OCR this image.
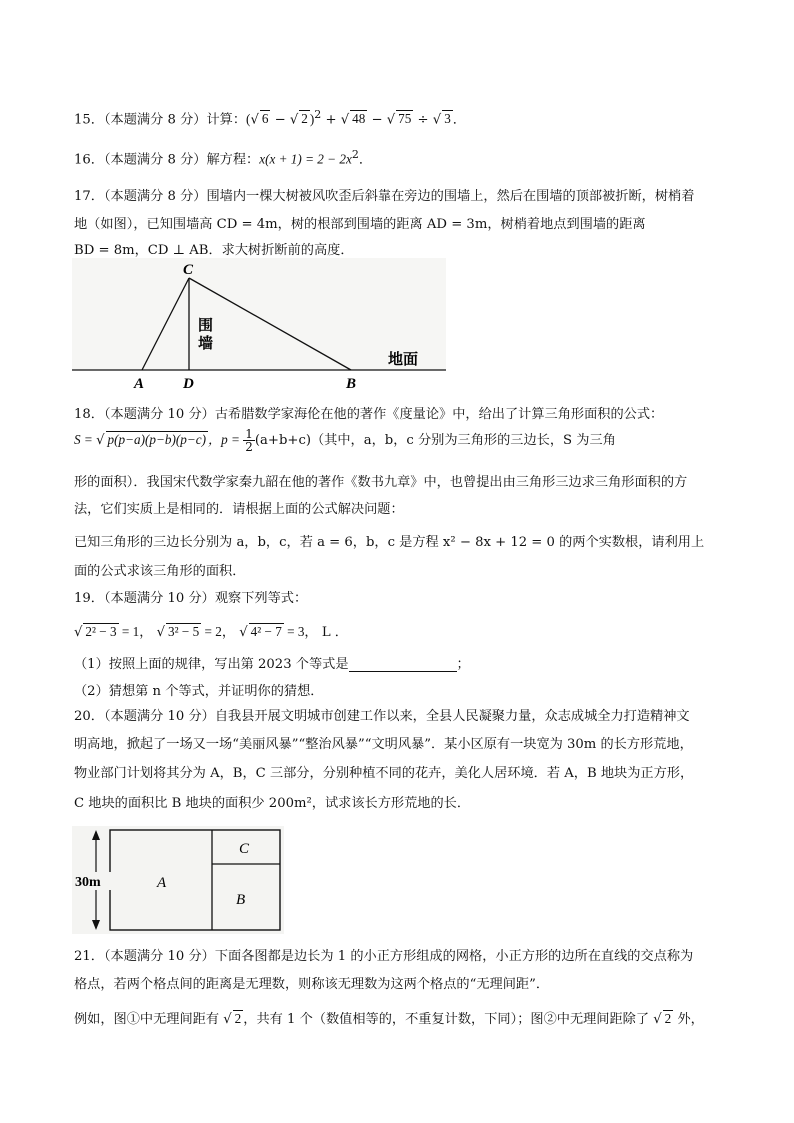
15．（本题满分 8 分）计算：(√ 6 − √ 2 )$^2$ + √ 48 − √ 75 ÷ √ 3 ．
16．（本题满分 8 分）解方程：$x(x + 1) = 2 - 2x^2$．
17．（本题满分 8 分）围墙内一棵大树被风吹歪后斜靠在旁边的围墙上，然后在围墙的顶部被折断，树梢着
地（如图），已知围墙高 CD = 4m，树的根部到围墙的距离 AD = 3m，树梢着地点到围墙的距离
BD = 8m，CD ⊥ AB．求大树折断前的高度．
C
围
墙
地面
A	D	B
18．（本题满分 10 分）古希腊数学家海伦在他的著作《度量论》中，给出了计算三角形面积的公式：
S = √ p(p−a)(p−b)(p−c) ，$p = \frac{1}{2} (a+b+c)$（其中，a，b，c 分别为三角形的三边长，S 为三角
形的面积）．我国宋代数学家秦九韶在他的著作《数书九章》中，也曾提出由三角形三边求三角形面积的方
法，它们实质上是相同的．请根据上面的公式解决问题：
已知三角形的三边长分别为 a，b，c，若 a = 6，b，c 是方程 x² − 8x + 12 = 0 的两个实数根，请利用上
面的公式求该三角形的面积．
19．（本题满分 10 分）观察下列等式：
√ 2² − 3 = 1， √ 3² − 5 = 2， √ 4² − 7 = 3， L ．
（1）按照上面的规律，写出第 2023 个等式是	；
（2）猜想第 n 个等式，并证明你的猜想．
20．（本题满分 10 分）自我县开展文明城市创建工作以来，全县人民凝聚力量，众志成城全力打造精神文
明高地，掀起了一场又一场“美丽风暴”“整治风暴”“文明风暴”．某小区原有一块宽为 30m 的长方形荒地，
物业部门计划将其分为 A，B，C 三部分，分别种植不同的花卉，美化人居环境．若 A，B 地块为正方形，
C 地块的面积比 B 地块的面积少 200m²，试求该长方形荒地的长．
30m	A
C
B
21．（本题满分 10 分）下面各图都是边长为 1 的小正方形组成的网格，小正方形的边所在直线的交点称为
格点，若两个格点间的距离是无理数，则称该无理数为这两个格点的“无理间距”．
例如，图①中无理间距有 √ 2 ，共有 1 个（数值相等的，不重复计数，下同）；图②中无理间距除了 √ 2 外，
